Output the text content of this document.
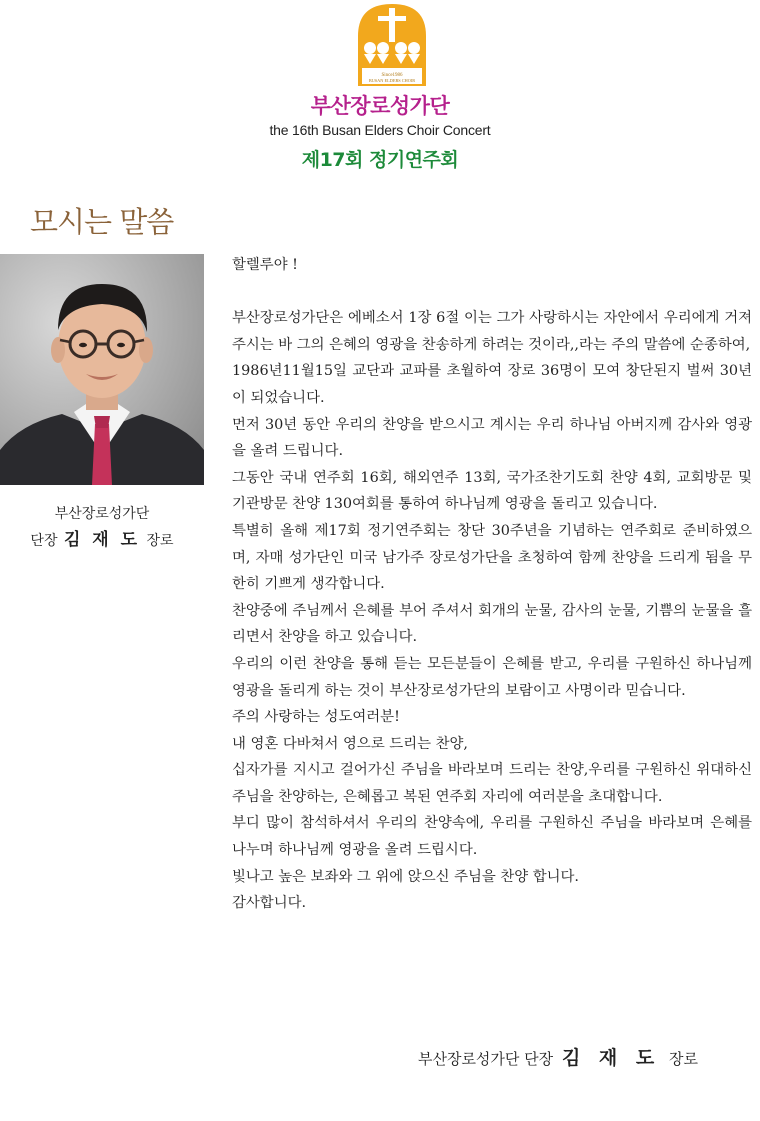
Since1986
BUSAN ELDERS CHOIR
부산장로성가단
the 16th Busan Elders Choir Concert
제17회 정기연주회
모시는 말씀
부산장로성가단
단장 김 재 도 장로

할렐루야 !

부산장로성가단은 에베소서 1장 6절 이는 그가 사랑하시는 자안에서 우리에게 거져 주시는 바 그의 은혜의 영광을 찬송하게 하려는 것이라,,라는 주의 말씀에 순종하여,

1986년11월15일 교단과 교파를 초월하여 장로 36명이 모여 창단된지 벌써 30년이 되었습니다.

먼저 30년 동안 우리의 찬양을 받으시고 계시는 우리 하나님 아버지께 감사와 영광을 올려 드립니다.

그동안 국내 연주회 16회, 해외연주 13회, 국가조찬기도회 찬양 4회, 교회방문 및 기관방문 찬양 130여회를 통하여 하나님께 영광을 돌리고 있습니다.

특별히 올해 제17회 정기연주회는 창단 30주년을 기념하는 연주회로 준비하였으며, 자매 성가단인 미국 남가주 장로성가단을 초청하여 함께 찬양을 드리게 됨을 무한히 기쁘게 생각합니다.

찬양중에 주님께서 은혜를 부어 주셔서 회개의 눈물, 감사의 눈물, 기쁨의 눈물을 흘리면서 찬양을 하고 있습니다.

우리의 이런 찬양을 통해 듣는 모든분들이 은혜를 받고, 우리를 구원하신 하나님께 영광을 돌리게 하는 것이 부산장로성가단의 보람이고 사명이라 믿습니다.

주의 사랑하는 성도여러분!

내 영혼 다바쳐서 영으로 드리는 찬양,

십자가를 지시고 걸어가신 주님을 바라보며 드리는 찬양,우리를 구원하신 위대하신 주님을 찬양하는, 은혜롭고 복된 연주회 자리에 여러분을 초대합니다.

부디 많이 참석하셔서 우리의 찬양속에, 우리를 구원하신 주님을 바라보며 은혜를 나누며 하나님께 영광을 올려 드립시다.

빛나고 높은 보좌와 그 위에 앉으신 주님을 찬양 합니다.

감사합니다.

부산장로성가단 단장 김 재 도 장로
